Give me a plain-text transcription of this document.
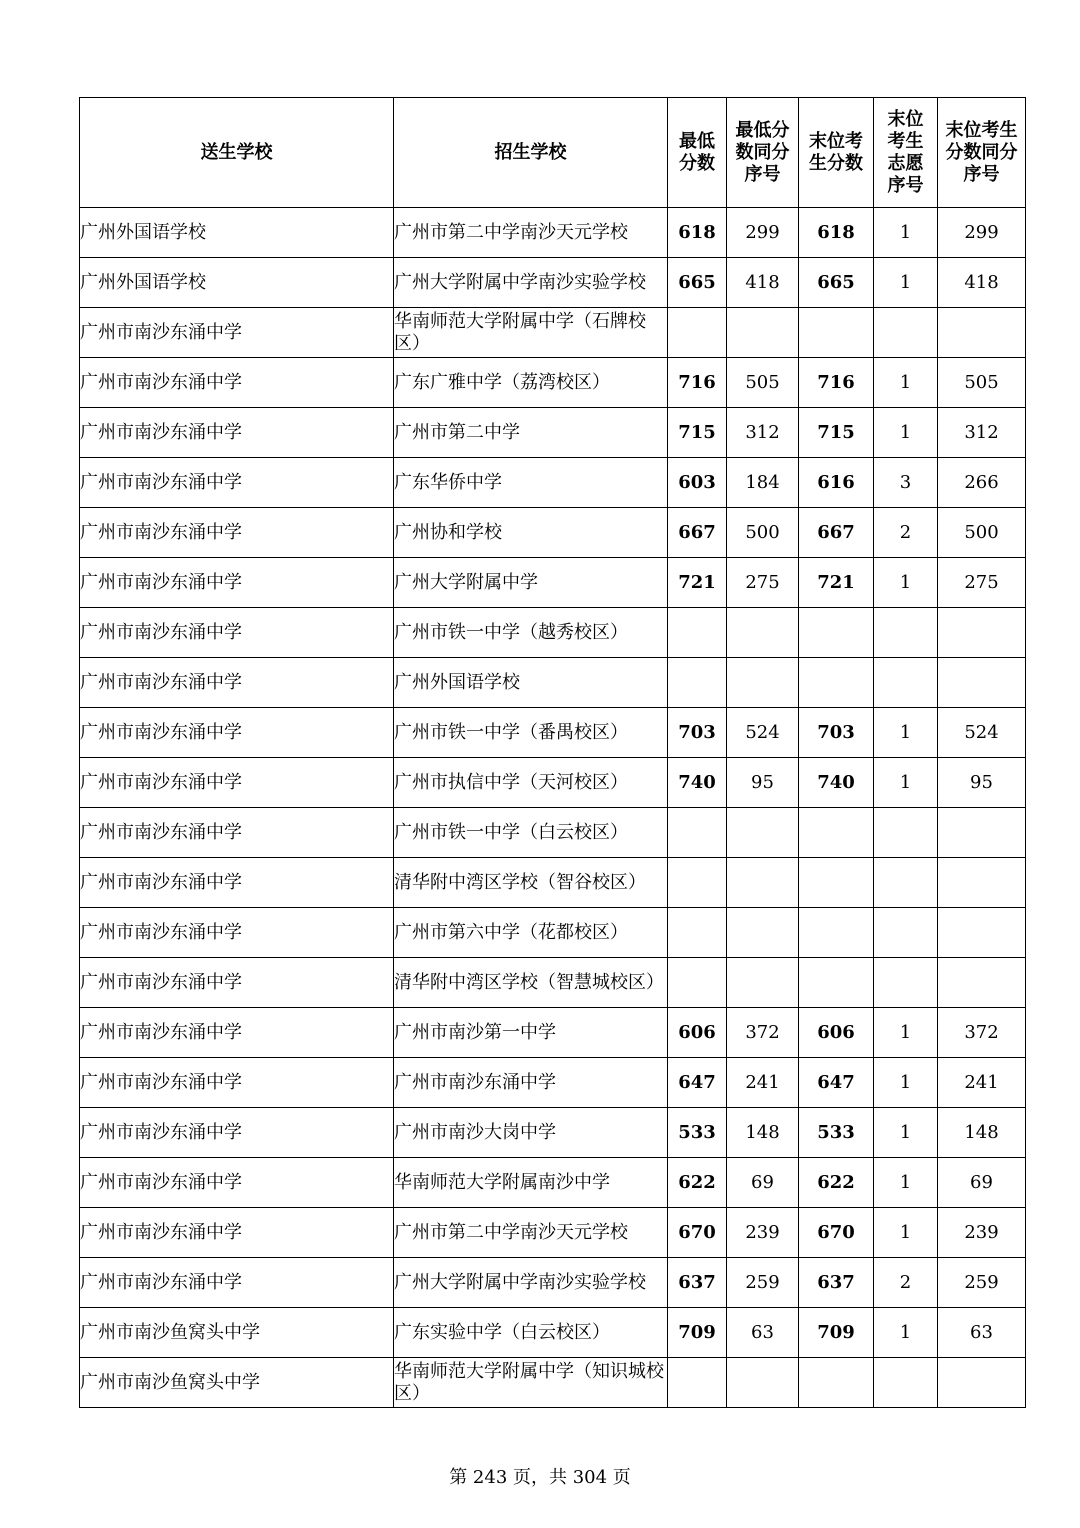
送生学校	招生学校	最低分数	最低分数同分序号	末位考生分数	末位考生志愿序号	末位考生分数同分序号

广州外国语学校	广州市第二中学南沙天元学校	618	299	618	1	299
广州外国语学校	广州大学附属中学南沙实验学校	665	418	665	1	418
广州市南沙东涌中学	华南师范大学附属中学（石牌校区）					
广州市南沙东涌中学	广东广雅中学（荔湾校区）	716	505	716	1	505
广州市南沙东涌中学	广州市第二中学	715	312	715	1	312
广州市南沙东涌中学	广东华侨中学	603	184	616	3	266
广州市南沙东涌中学	广州协和学校	667	500	667	2	500
广州市南沙东涌中学	广州大学附属中学	721	275	721	1	275
广州市南沙东涌中学	广州市铁一中学（越秀校区）					
广州市南沙东涌中学	广州外国语学校					
广州市南沙东涌中学	广州市铁一中学（番禺校区）	703	524	703	1	524
广州市南沙东涌中学	广州市执信中学（天河校区）	740	95	740	1	95
广州市南沙东涌中学	广州市铁一中学（白云校区）					
广州市南沙东涌中学	清华附中湾区学校（智谷校区）					
广州市南沙东涌中学	广州市第六中学（花都校区）					
广州市南沙东涌中学	清华附中湾区学校（智慧城校区）					
广州市南沙东涌中学	广州市南沙第一中学	606	372	606	1	372
广州市南沙东涌中学	广州市南沙东涌中学	647	241	647	1	241
广州市南沙东涌中学	广州市南沙大岗中学	533	148	533	1	148
广州市南沙东涌中学	华南师范大学附属南沙中学	622	69	622	1	69
广州市南沙东涌中学	广州市第二中学南沙天元学校	670	239	670	1	239
广州市南沙东涌中学	广州大学附属中学南沙实验学校	637	259	637	2	259
广州市南沙鱼窝头中学	广东实验中学（白云校区）	709	63	709	1	63
广州市南沙鱼窝头中学	华南师范大学附属中学（知识城校区）					
第 243 页，共 304 页
